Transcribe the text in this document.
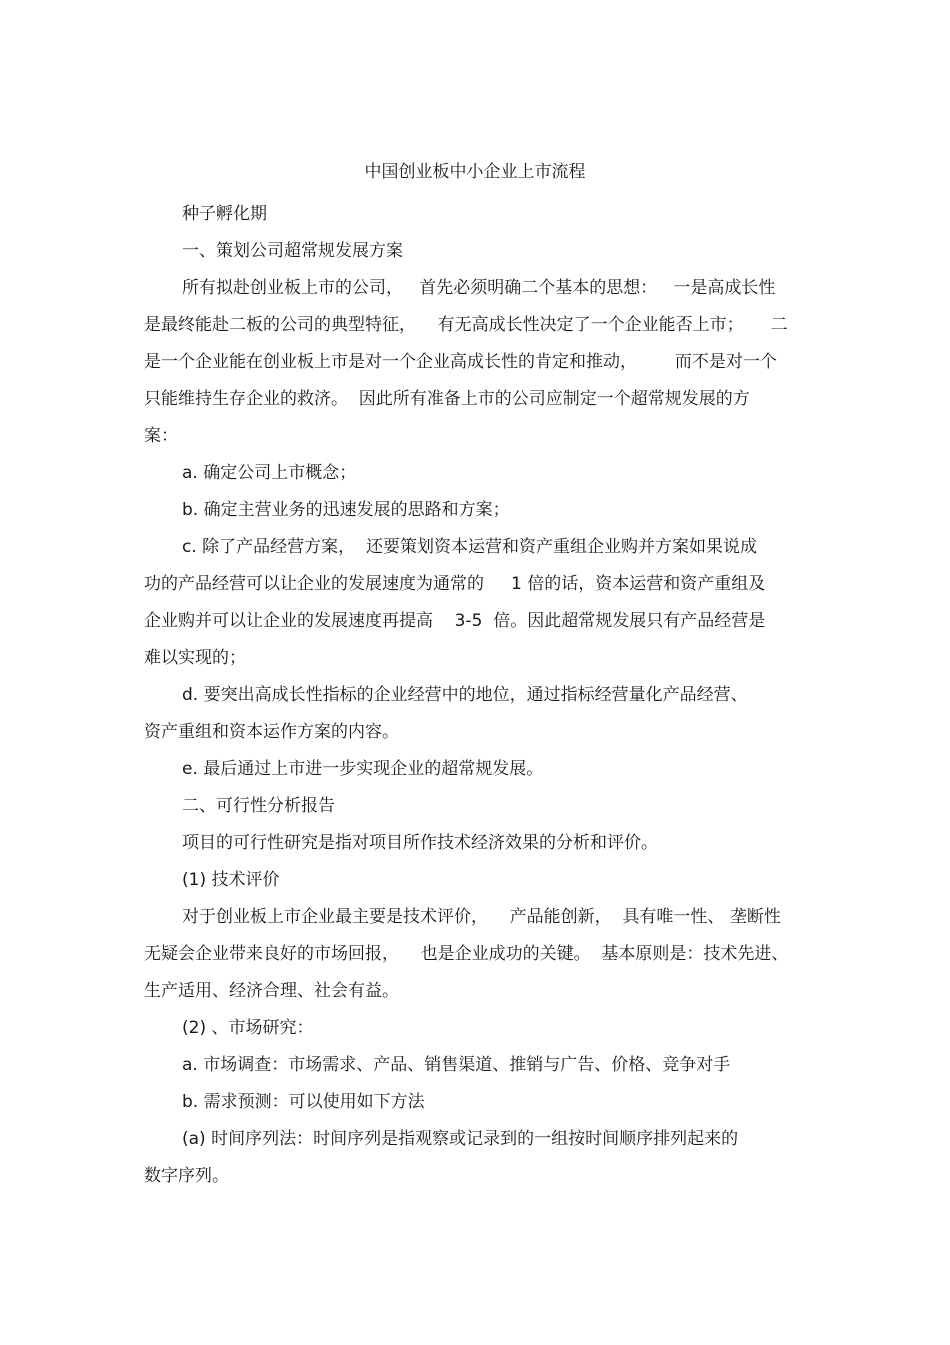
中国创业板中小企业上市流程
种子孵化期
一、策划公司超常规发展方案
所有拟赴创业板上市的公司，   首先必须明确二个基本的思想：   一是高成长性
是最终能赴二板的公司的典型特征，    有无高成长性决定了一个企业能否上市；     二
是一个企业能在创业板上市是对一个企业高成长性的肯定和推动，       而不是对一个
只能维持生存企业的救济。  因此所有准备上市的公司应制定一个超常规发展的方
案：
a. 确定公司上市概念；
b. 确定主营业务的迅速发展的思路和方案；
c. 除了产品经营方案，  还要策划资本运营和资产重组企业购并方案如果说成
功的产品经营可以让企业的发展速度为通常的     1 倍的话，资本运营和资产重组及
企业购并可以让企业的发展速度再提高    3-5  倍。因此超常规发展只有产品经营是
难以实现的；
d. 要突出高成长性指标的企业经营中的地位，通过指标经营量化产品经营、
资产重组和资本运作方案的内容。
e. 最后通过上市进一步实现企业的超常规发展。
二、可行性分析报告
项目的可行性研究是指对项目所作技术经济效果的分析和评价。
(1) 技术评价
对于创业板上市企业最主要是技术评价，    产品能创新，  具有唯一性、 垄断性
无疑会企业带来良好的市场回报，    也是企业成功的关键。  基本原则是：技术先进、
生产适用、经济合理、社会有益。
(2) 、市场研究：
a. 市场调查：市场需求、产品、销售渠道、推销与广告、价格、竞争对手
b. 需求预测：可以使用如下方法
(a) 时间序列法：时间序列是指观察或记录到的一组按时间顺序排列起来的
数字序列。
